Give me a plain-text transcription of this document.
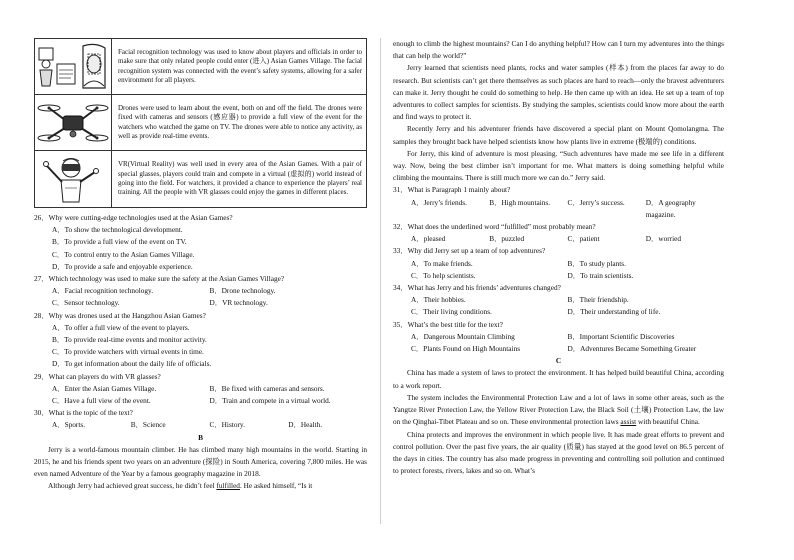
	Facial recognition technology was used to know about players and officials in order to make sure that only related people could enter (进入) Asian Games Village. The facial recognition system was connected with the event’s safety systems, allowing for a safer environment for all players.

	Drones were used to learn about the event, both on and off the field. The drones were fixed with cameras and sensors (感应器) to provide a full view of the event for the watchers who watched the game on TV. The drones were able to notice any activity, as well as provide real-time events.

	VR(Virtual Reality) was well used in every area of the Asian Games. With a pair of special glasses, players could train and compete in a virtual (虚拟的) world instead of going into the field. For watchers, it provided a chance to experience the players’ real training. All the people with VR glasses could enjoy the games in different places.

26．Why were cutting-edge technologies used at the Asian Games?

A．To show the technological development.
B．To provide a full view of the event on TV.
C．To control entry to the Asian Games Village.
D．To provide a safe and enjoyable experience.

27．Which technology was used to make sure the safety at the Asian Games Village?

A．Facial recognition technology.	B．Drone technology.
C．Sensor technology.	D．VR technology.

28．Why was drones used at the Hangzhou Asian Games?

A．To offer a full view of the event to players.
B．To provide real-time events and monitor activity.
C．To provide watchers with virtual events in time.
D．To get information about the daily life of officials.

29．What can players do with VR glasses?

A．Enter the Asian Games Village.	B．Be fixed with cameras and sensors.
C．Have a full view of the event.	D．Train and compete in a virtual world.

30．What is the topic of the text?

A．Sports.	B．Science	C．History.	D．Health.

B

Jerry is a world-famous mountain climber. He has climbed many high mountains in the world. Starting in 2015, he and his friends spent two years on an adventure (探险) in South America, covering 7,800 miles. He was even named Adventure of the Year by a famous geography magazine in 2018.

Although Jerry had achieved great success, he didn’t feel fulfilled. He asked himself, “Is it

enough to climb the highest mountains? Can I do anything helpful? How can I turn my adventures into the things that can help the world?”

Jerry learned that scientists need plants, rocks and water samples (样本) from the places far away to do research. But scientists can’t get there themselves as such places are hard to reach—only the bravest adventurers can make it. Jerry thought he could do something to help. He then came up with an idea. He set up a team of top adventures to collect samples for scientists. By studying the samples, scientists could know more about the earth and find ways to protect it.

Recently Jerry and his adventurer friends have discovered a special plant on Mount Qomolangma. The samples they brought back have helped scientists know how plants live in extreme (极端的) conditions.

For Jerry, this kind of adventure is most pleasing. “Such adventures have made me see life in a different way. Now, being the best climber isn’t important for me. What matters is doing something helpful while climbing the mountains. There is still much more we can do.” Jerry said.

31．What is Paragraph 1 mainly about?

A．Jerry’s friends.	B．High mountains.	C．Jerry’s success.	D．A geography magazine.

32．What does the underlined word “fulfilled” most probably mean?

A．pleased	B．puzzled	C．patient	D．worried

33．Why did Jerry set up a team of top adventures?

A．To make friends.	B．To study plants.
C．To help scientists.	D．To train scientists.

34．What has Jerry and his friends’ adventures changed?

A．Their hobbies.	B．Their friendship.
C．Their living conditions.	D．Their understanding of life.

35．What’s the best title for the text?

A．Dangerous Mountain Climbing	B．Important Scientific Discoveries
C．Plants Found on High Mountains	D．Adventures Became Something Greater

C

China has made a system of laws to protect the environment. It has helped build beautiful China, according to a work report.

The system includes the Environmental Protection Law and a lot of laws in some other areas, such as the Yangtze River Protection Law, the Yellow River Protection Law, the Black Soil (土壤) Protection Law, the law on the Qinghai-Tibet Plateau and so on. These environmental protection laws assist with beautiful China.

China protects and improves the environment in which people live. It has made great efforts to prevent and control pollution. Over the past five years, the air quality (质量) has stayed at the good level on 86.5 percent of the days in cities. The country has also made progress in preventing and controlling soil pollution and continued to protect forests, rivers, lakes and so on. What’s
